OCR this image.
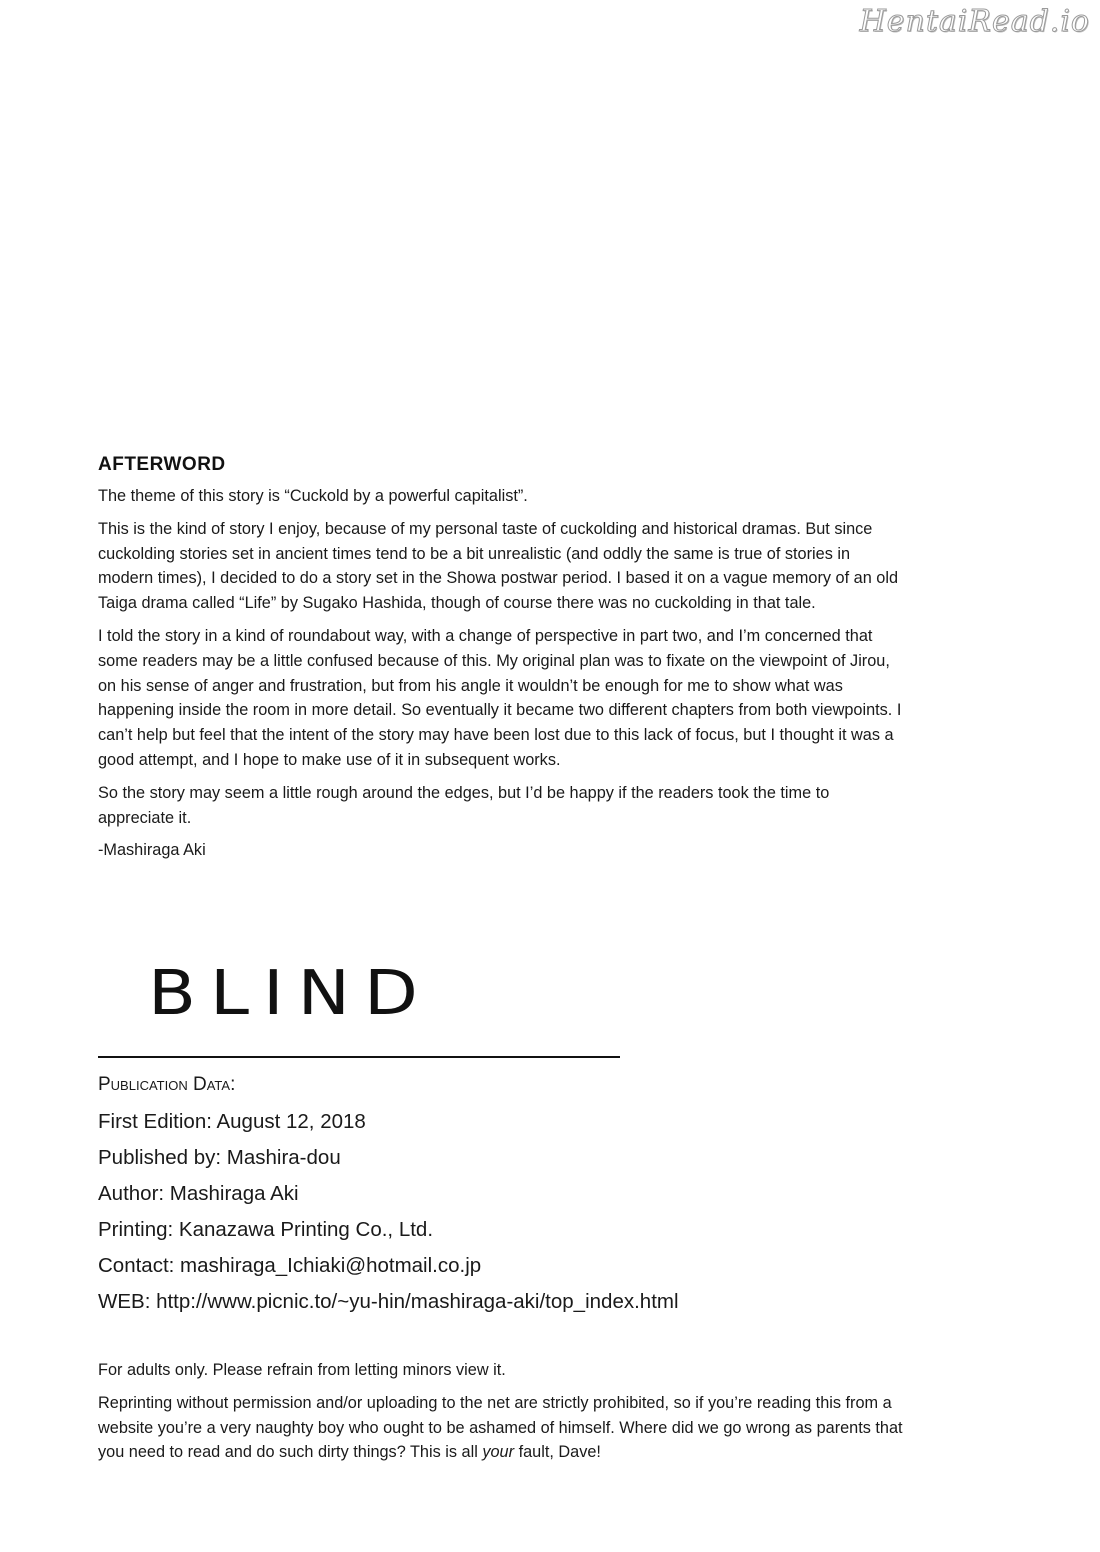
HentaiRead.io
AFTERWORD

The theme of this story is “Cuckold by a powerful capitalist”.

This is the kind of story I enjoy, because of my personal taste of cuckolding and historical dramas. But since cuckolding stories set in ancient times tend to be a bit unrealistic (and oddly the same is true of stories in modern times), I decided to do a story set in the Showa postwar period. I based it on a vague memory of an old Taiga drama called “Life” by Sugako Hashida, though of course there was no cuckolding in that tale.

I told the story in a kind of roundabout way, with a change of perspective in part two, and I’m concerned that some readers may be a little confused because of this. My original plan was to fixate on the viewpoint of Jirou, on his sense of anger and frustration, but from his angle it wouldn’t be enough for me to show what was happening inside the room in more detail. So eventually it became two different chapters from both viewpoints. I can’t help but feel that the intent of the story may have been lost due to this lack of focus, but I thought it was a good attempt, and I hope to make use of it in subsequent works.

So the story may seem a little rough around the edges, but I’d be happy if the readers took the time to appreciate it.

-Mashiraga Aki

BLIND
Publication Data:
First Edition: August 12, 2018
Published by: Mashira-dou
Author: Mashiraga Aki
Printing: Kanazawa Printing Co., Ltd.
Contact: mashiraga_Ichiaki@hotmail.co.jp
WEB: http://www.picnic.to/~yu-hin/mashiraga-aki/top_index.html

For adults only. Please refrain from letting minors view it.

Reprinting without permission and/or uploading to the net are strictly prohibited, so if you’re reading this from a website you’re a very naughty boy who ought to be ashamed of himself. Where did we go wrong as parents that you need to read and do such dirty things? This is all your fault, Dave!
